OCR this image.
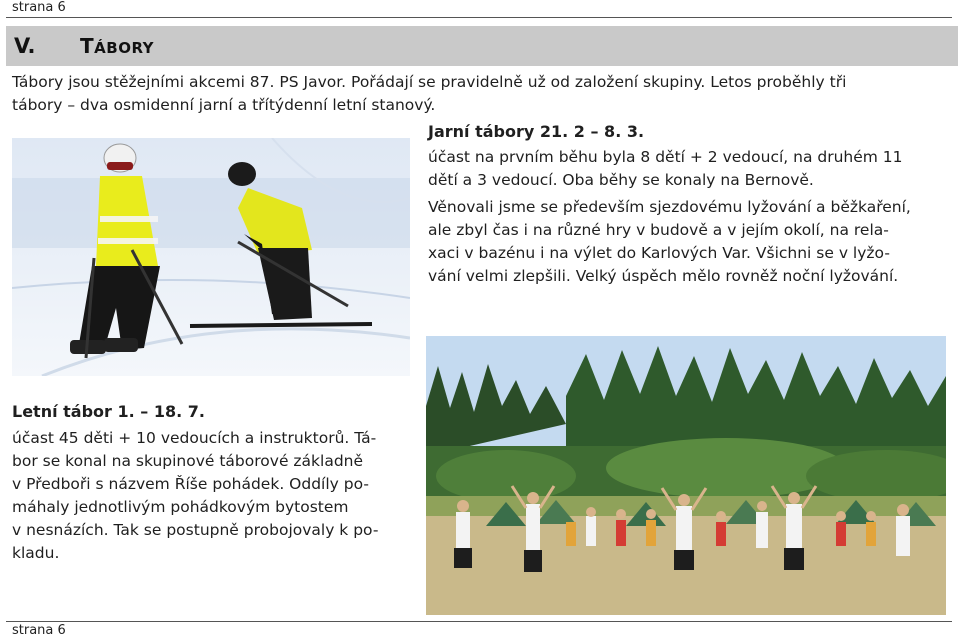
strana 6
V.	TÁBORY
Tábory jsou stěžejními akcemi 87. PS Javor. Pořádají se pravidelně už od založení skupiny. Letos proběhly tři
tábory – dva osmidenní jarní a třítýdenní letní stanový.
Jarní tábory 21. 2 – 8. 3.
účast na prvním běhu byla 8 dětí + 2 vedoucí, na druhém 11
dětí a 3 vedoucí. Oba běhy se konaly na Bernově.
Věnovali jsme se především sjezdovému lyžování a běžkaření,
ale zbyl čas i na různé hry v budově a v jejím okolí, na rela-
xaci v bazénu i na výlet do Karlových Var. Všichni se v lyžo-
vání velmi zlepšili. Velký úspěch mělo rovněž noční lyžování.
Letní tábor 1. – 18. 7.
účast 45 děti + 10 vedoucích a instruktorů. Tá-
bor se konal na skupinové táborové základně
v Předboři s názvem Říše pohádek. Oddíly po-
máhaly jednotlivým pohádkovým bytostem
v nesnázích. Tak se postupně probojovaly k po-
kladu.
strana 6
